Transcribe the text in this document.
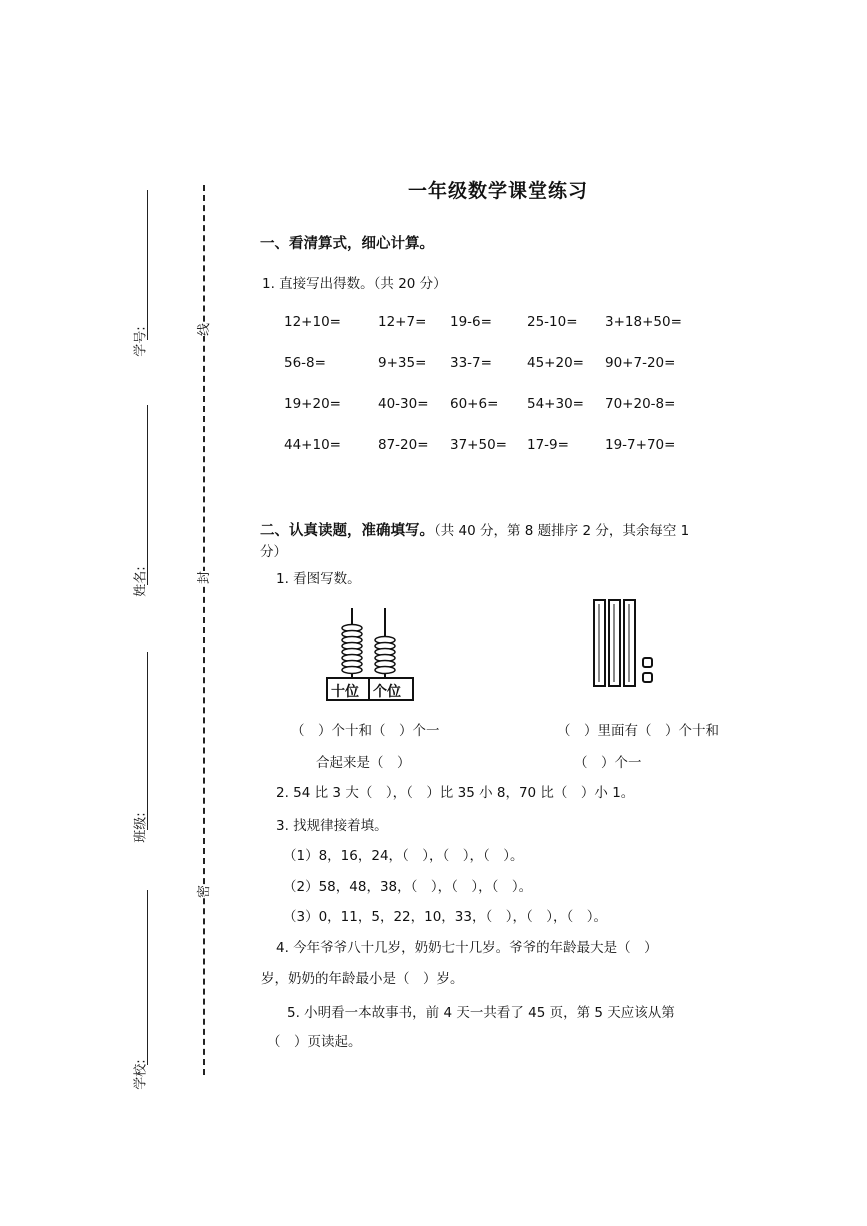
学号:
姓名:
班级:
学校:
线
封
密
一年级数学课堂练习
一、看清算式，细心计算。
1. 直接写出得数。（共 20 分）
12+10=	12+7= 19-6=	25-10= 3+18+50=
56-8=	9+35= 33-7=	45+20= 90+7-20=
19+20=	40-30= 60+6= 54+30= 70+20-8=
44+10=	87-20= 37+50= 17-9=	19-7+70=
二、认真读题，准确填写。（共 40 分，第 8 题排序 2 分，其余每空 1
分）
1. 看图写数。
十位 个位
（　）个十和（　）个一
合起来是（　）
（　）里面有（　）个十和
（　）个一
2. 54 比 3 大（　），（　）比 35 小 8，70 比（　）小 1。
3. 找规律接着填。
（1）8，16，24，（　），（　），（　）。
（2）58，48，38，（　），（　），（　）。
（3）0，11，5，22，10，33，（　），（　），（　）。
4. 今年爷爷八十几岁，奶奶七十几岁。爷爷的年龄最大是（　）
岁，奶奶的年龄最小是（　）岁。
5. 小明看一本故事书，前 4 天一共看了 45 页，第 5 天应该从第
（　）页读起。
